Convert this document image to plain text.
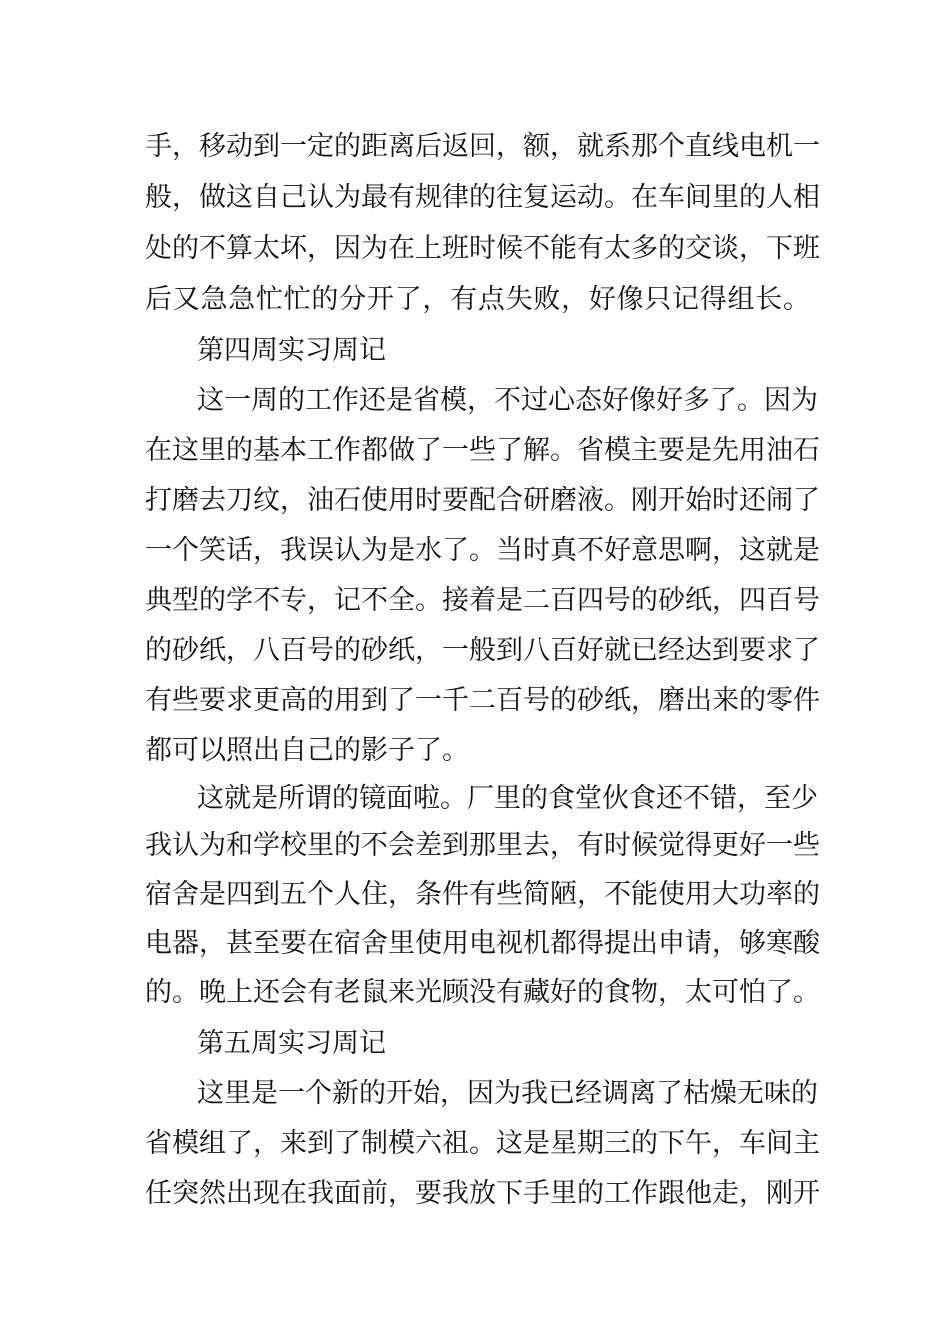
手，移动到一定的距离后返回，额，就系那个直线电机一
般，做这自己认为最有规律的往复运动。在车间里的人相
处的不算太坏，因为在上班时候不能有太多的交谈，下班
后又急急忙忙的分开了，有点失败，好像只记得组长。
第四周实习周记
这一周的工作还是省模，不过心态好像好多了。因为
在这里的基本工作都做了一些了解。省模主要是先用油石
打磨去刀纹，油石使用时要配合研磨液。刚开始时还闹了
一个笑话，我误认为是水了。当时真不好意思啊，这就是
典型的学不专，记不全。接着是二百四号的砂纸，四百号
的砂纸，八百号的砂纸，一般到八百好就已经达到要求了
有些要求更高的用到了一千二百号的砂纸，磨出来的零件
都可以照出自己的影子了。
这就是所谓的镜面啦。厂里的食堂伙食还不错，至少
我认为和学校里的不会差到那里去，有时候觉得更好一些
宿舍是四到五个人住，条件有些简陋，不能使用大功率的
电器，甚至要在宿舍里使用电视机都得提出申请，够寒酸
的。晚上还会有老鼠来光顾没有藏好的食物，太可怕了。
第五周实习周记
这里是一个新的开始，因为我已经调离了枯燥无味的
省模组了，来到了制模六祖。这是星期三的下午，车间主
任突然出现在我面前，要我放下手里的工作跟他走，刚开
